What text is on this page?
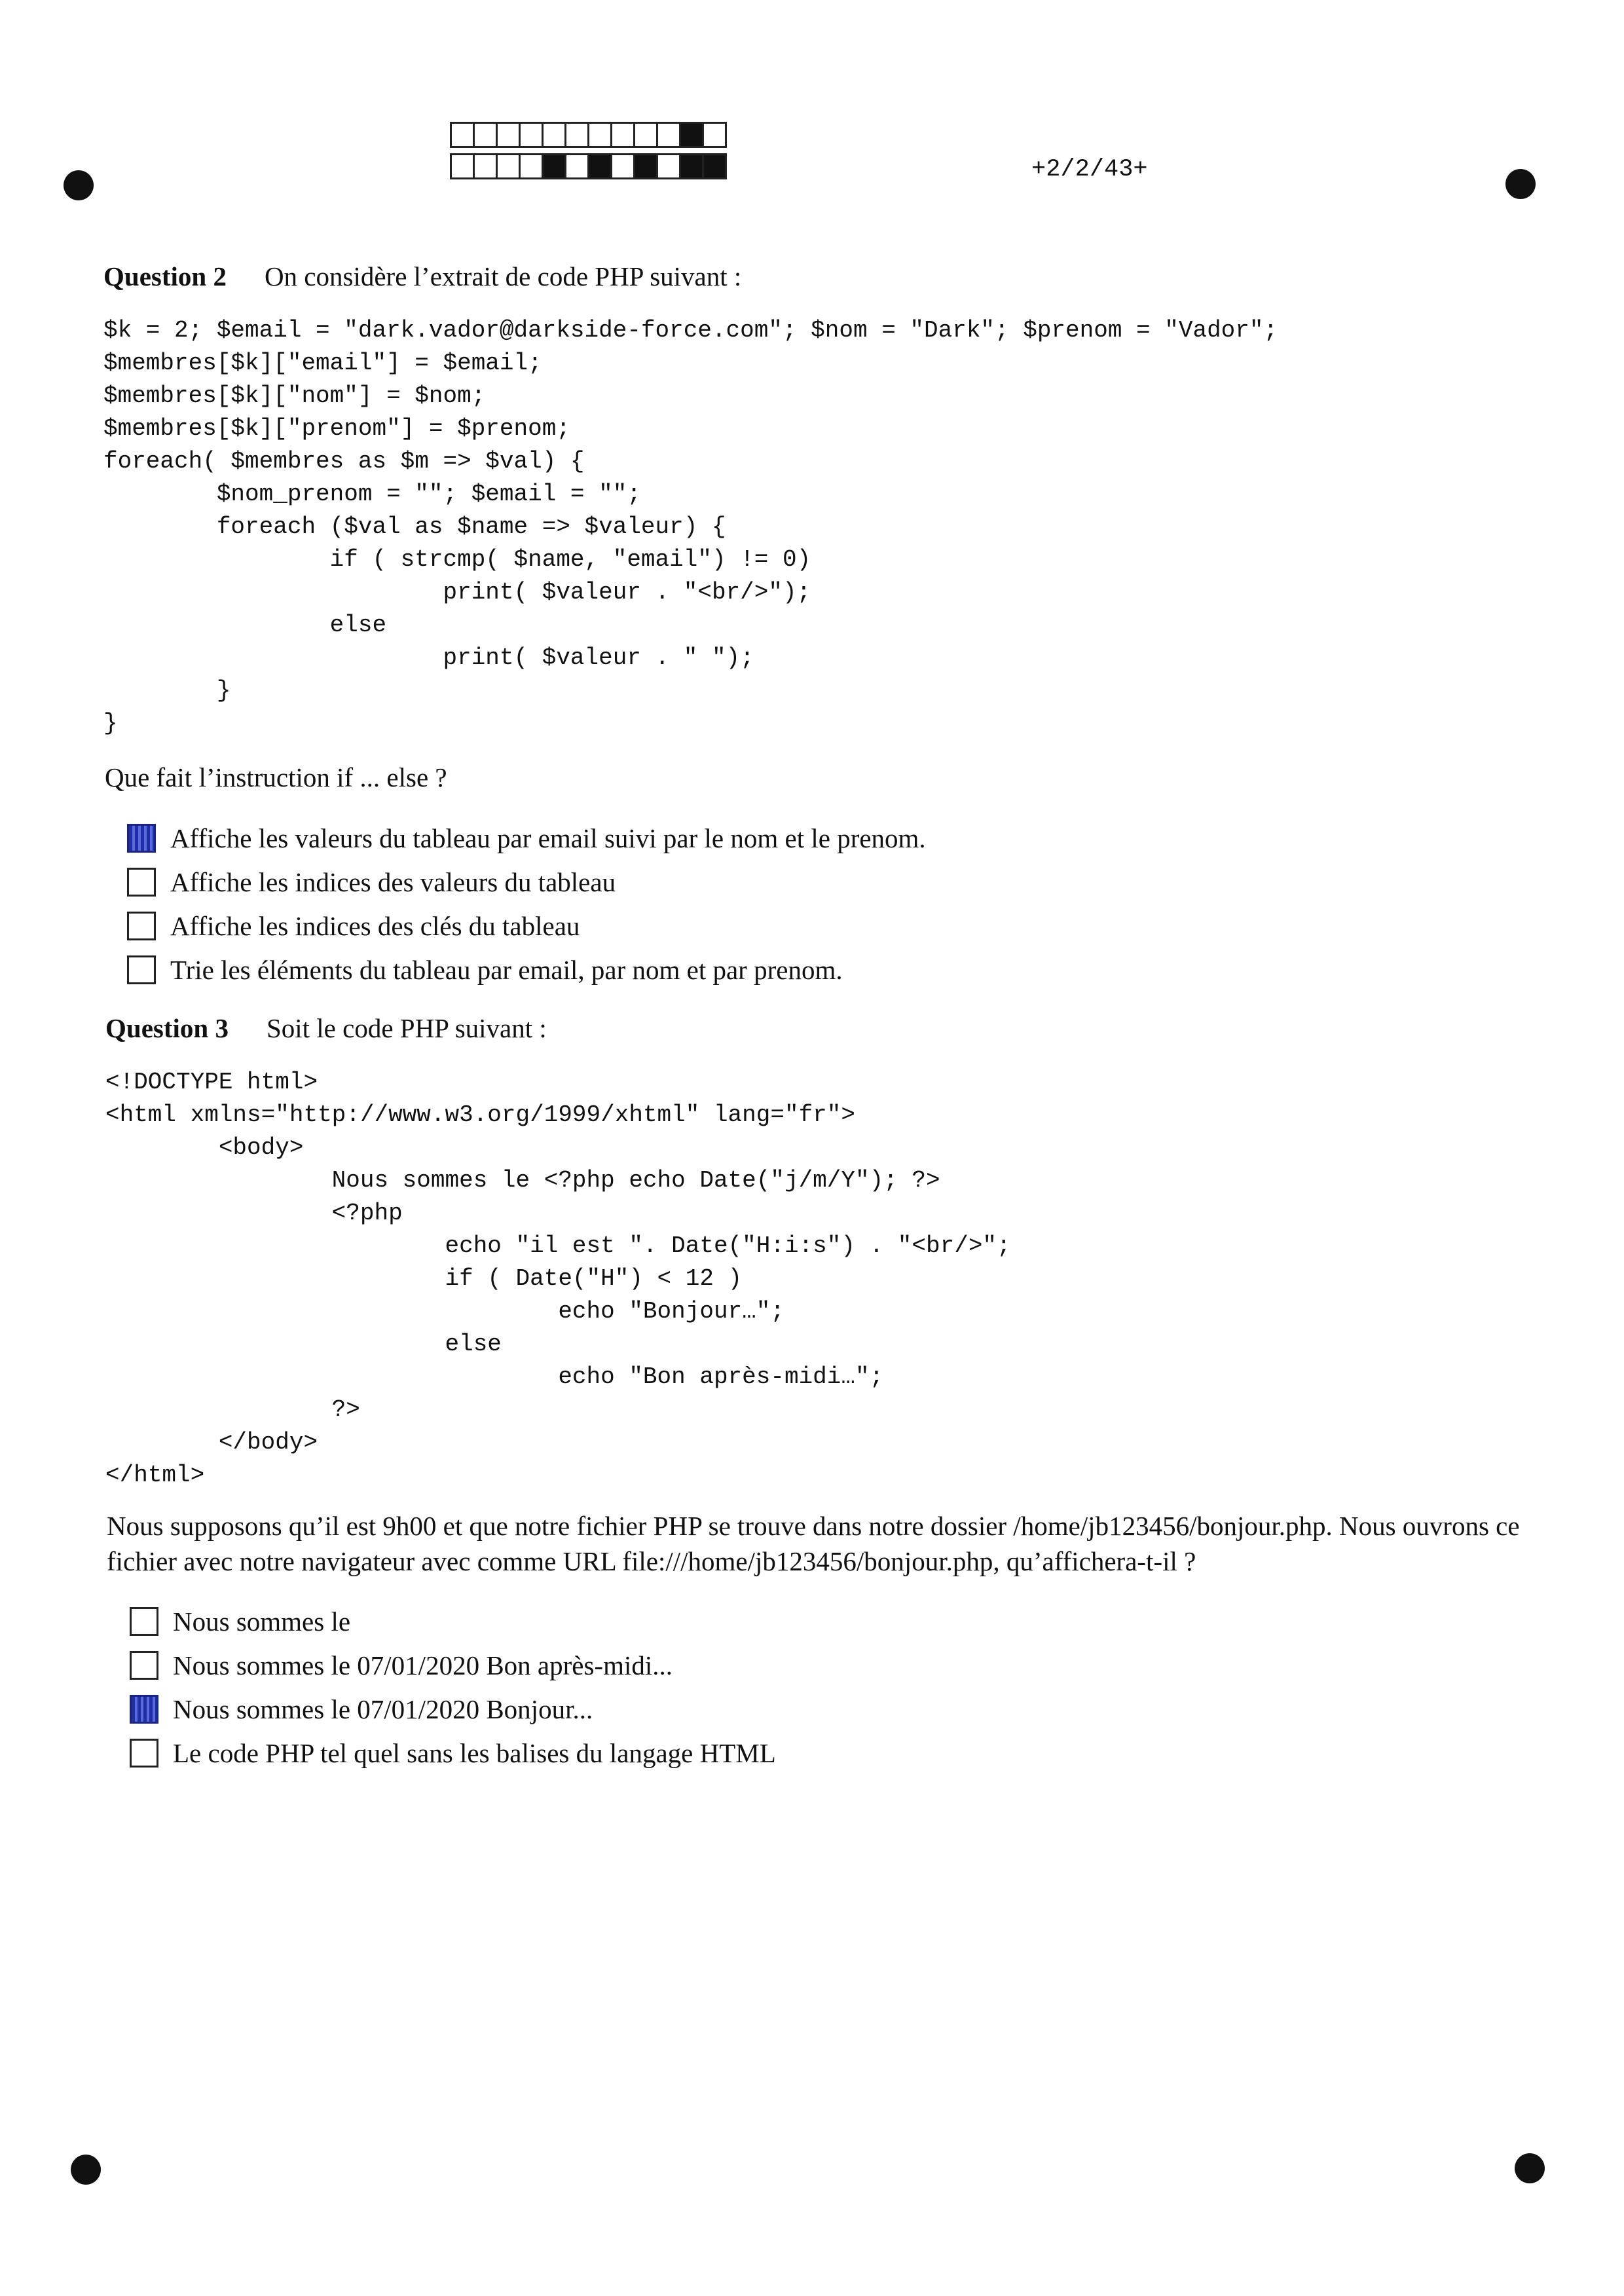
+2/2/43+
Question 2 On considère l’extrait de code PHP suivant :
$k = 2; $email = "dark.vador@darkside-force.com"; $nom = "Dark"; $prenom = "Vador";
$membres[$k]["email"] = $email;
$membres[$k]["nom"] = $nom;
$membres[$k]["prenom"] = $prenom;
foreach( $membres as $m => $val) {
$nom_prenom = ""; $email = "";
foreach ($val as $name => $valeur) {
if ( strcmp( $name, "email") != 0)
print( $valeur . "<br/>");
else
print( $valeur . " ");
}
}
Que fait l’instruction if ... else ?
Affiche les valeurs du tableau par email suivi par le nom et le prenom.
Affiche les indices des valeurs du tableau
Affiche les indices des clés du tableau
Trie les éléments du tableau par email, par nom et par prenom.
Question 3 Soit le code PHP suivant :
<!DOCTYPE html>
<html xmlns="http://www.w3.org/1999/xhtml" lang="fr">
<body>
Nous sommes le <?php echo Date("j/m/Y"); ?>
<?php
echo "il est ". Date("H:i:s") . "<br/>";
if ( Date("H") < 12 )
echo "Bonjour…";
else
echo "Bon après-midi…";
?>
</body>
</html>
Nous supposons qu’il est 9h00 et que notre fichier PHP se trouve dans notre dossier /home/jb123456/bonjour.php. Nous ouvrons ce fichier avec notre navigateur avec comme URL file:///home/jb123456/bonjour.php, qu’affichera-t-il ?
Nous sommes le
Nous sommes le 07/01/2020 Bon après-midi...
Nous sommes le 07/01/2020 Bonjour...
Le code PHP tel quel sans les balises du langage HTML
